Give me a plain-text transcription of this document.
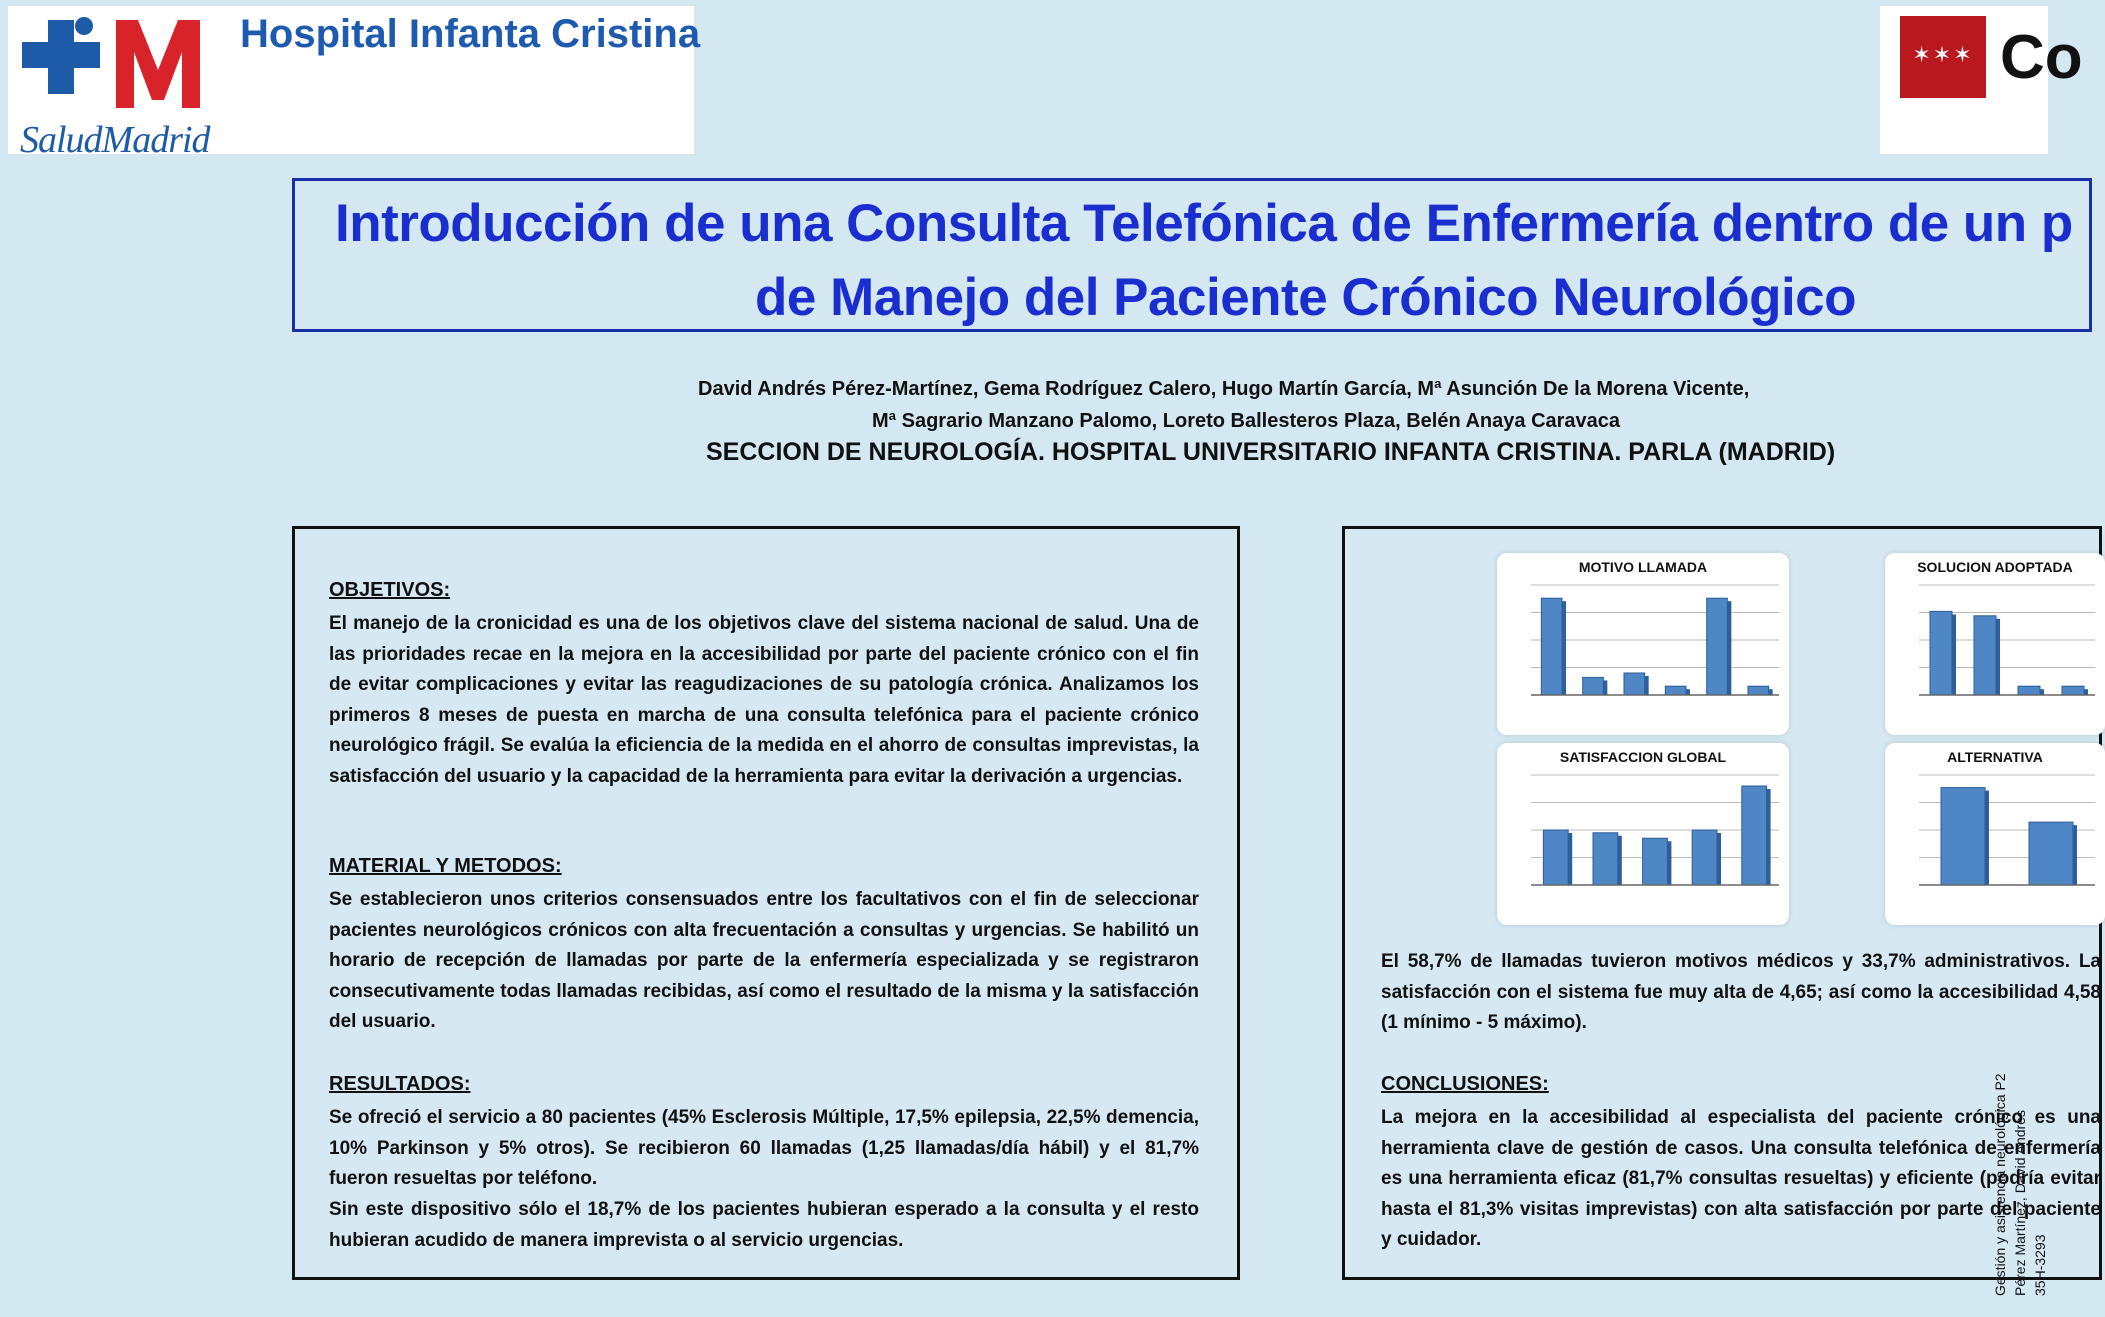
SaludMadrid
Hospital Infanta Cristina	✶✶✶ Co
Introducción de una Consulta Telefónica de Enfermería dentro de un p
de Manejo del Paciente Crónico Neurológico
David Andrés Pérez-Martínez, Gema Rodríguez Calero, Hugo Martín García, Mª Asunción De la Morena Vicente,
Mª Sagrario Manzano Palomo, Loreto Ballesteros Plaza, Belén Anaya Caravaca
SECCION DE NEUROLOGÍA. HOSPITAL UNIVERSITARIO INFANTA CRISTINA. PARLA (MADRID)
OBJETIVOS:
El manejo de la cronicidad es una de los objetivos clave del sistema nacional de salud. Una de las prioridades recae en la mejora en la accesibilidad por parte del paciente crónico con el fin de evitar complicaciones y evitar las reagudizaciones de su patología crónica. Analizamos los primeros 8 meses de puesta en marcha de una consulta telefónica para el paciente crónico neurológico frágil. Se evalúa la eficiencia de la medida en el ahorro de consultas imprevistas, la satisfacción del usuario y la capacidad de la herramienta para evitar la derivación a urgencias.
MATERIAL Y METODOS:
Se establecieron unos criterios consensuados entre los facultativos con el fin de seleccionar pacientes neurológicos crónicos con alta frecuentación a consultas y urgencias. Se habilitó un horario de recepción de llamadas por parte de la enfermería especializada y se registraron consecutivamente todas llamadas recibidas, así como el resultado de la misma y la satisfacción del usuario.
RESULTADOS:
Se ofreció el servicio a 80 pacientes (45% Esclerosis Múltiple, 17,5% epilepsia, 22,5% demencia, 10% Parkinson y 5% otros). Se recibieron 60 llamadas (1,25 llamadas/día hábil) y el 81,7% fueron resueltas por teléfono.
Sin este dispositivo sólo el 18,7% de los pacientes hubieran esperado a la consulta y el resto hubieran acudido de manera imprevista o al servicio urgencias.
MOTIVO LLAMADA	SOLUCION ADOPTADA
SATISFACCION GLOBAL	ALTERNATIVA
El 58,7% de llamadas tuvieron motivos médicos y 33,7% administrativos. La satisfacción con el sistema fue muy alta de 4,65; así como la accesibilidad 4,58 (1 mínimo - 5 máximo).
CONCLUSIONES:
La mejora en la accesibilidad al especialista del paciente crónico es una herramienta clave de gestión de casos. Una consulta telefónica de enfermería es una herramienta eficaz (81,7% consultas resueltas) y eficiente (podría evitar hasta el 81,3% visitas imprevistas) con alta satisfacción por parte del paciente y cuidador.	Gestión y asistencia neurológica P2 Pérez Martínez, David Andrés 35H-3293
